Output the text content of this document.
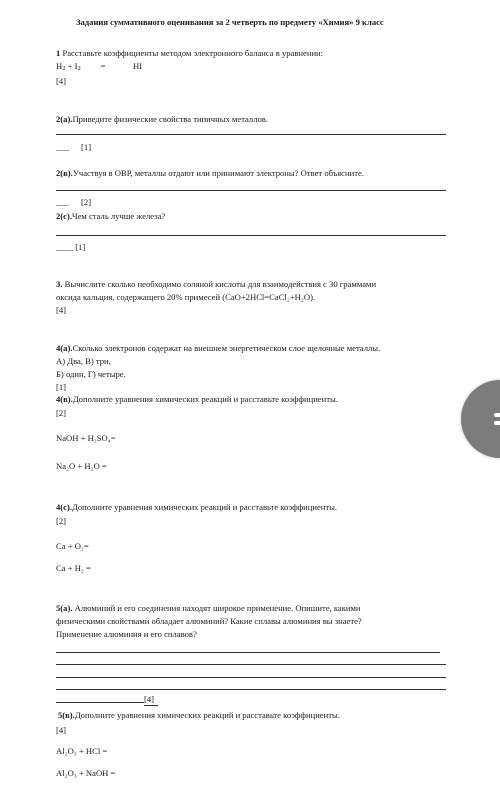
Задания суммативного оценивания за 2 четверть по предмету «Химия» 9 класс
1 Расставьте коэффициенты методом электронного баланса в уравнении:
H2 + I2 =	HI
[4]
2(a).Приведите физические свойства типичных металлов.
___ [1]
2(в).Участвуя в ОВР, металлы отдают или принимают электроны? Ответ объясните.
___ [2]
2(c).Чем сталь лучше железа?
____ [1]
3. Вычислите сколько необходимо соляной кислоты для взаимодействия с 30 граммами
оксида кальция, содержащего 20% примесей (CaO+2HCl=CaCl₂+H₂O).
[4]
4(a).Сколько электронов содержат на внешнем энергетическом слое щелочные металлы.
А) Два, В) три,
Б) один, Г) четыре.
[1]
4(в).Дополните уравнения химических реакций и расставьте коэффициенты.
[2]
NaOH + H₂SO₄=
Na₂O + H₂O =
4(c).Дополните уравнения химических реакций и расставьте коэффициенты.
[2]
Ca + O₂=
Ca + H₂ =
5(a). Алюминий и его соединения находят широкое применение. Опишите, какими
физическими свойствами обладает алюминий? Какие сплавы алюминия вы знаете?
Применение алюминия и его сплавов?
[4]
5(в).Дополните уравнения химических реакций и расставьте коэффициенты.
[4]
Al₂O₃ + HCl =
Al₂O₃ + NaOH =
